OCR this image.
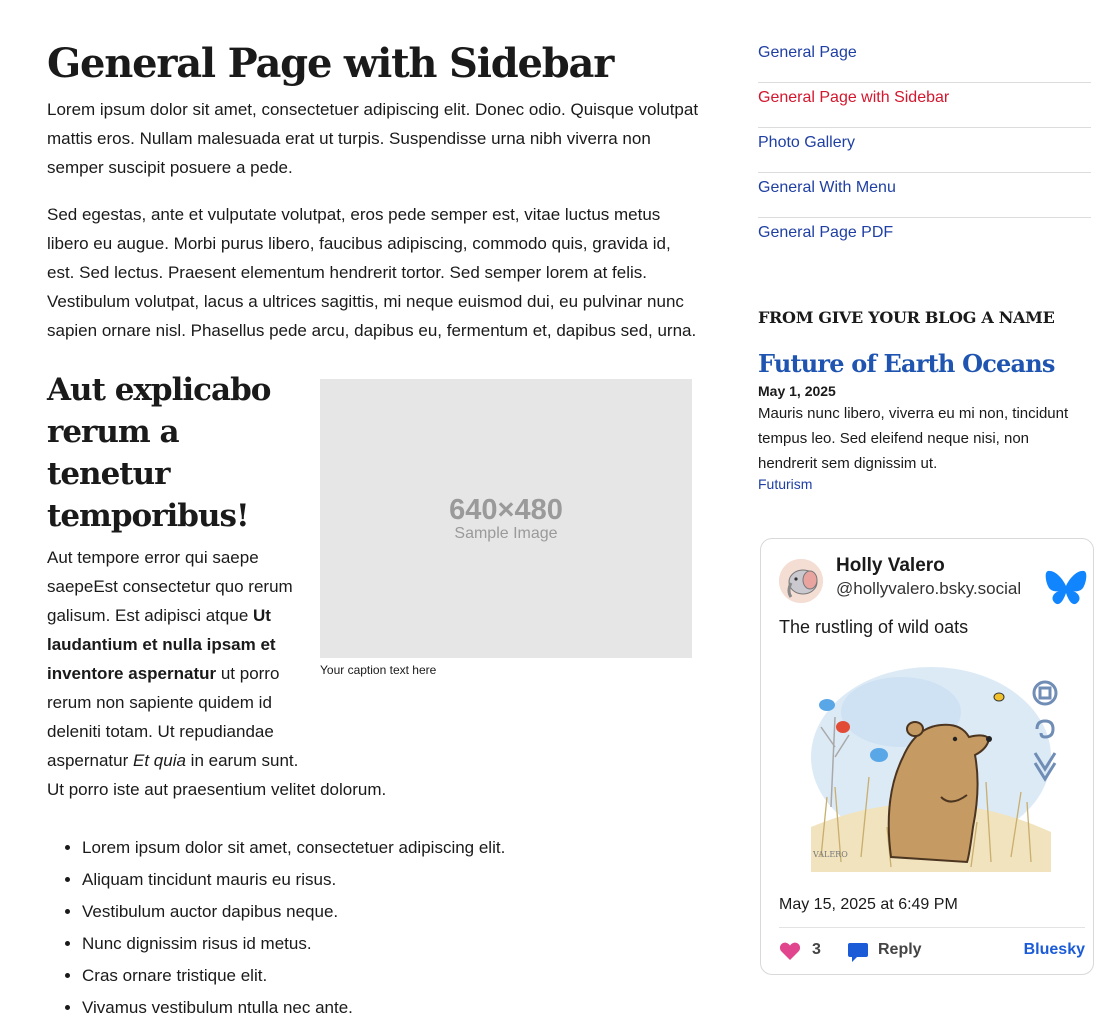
General Page with Sidebar

Lorem ipsum dolor sit amet, consectetuer adipiscing elit. Donec odio. Quisque volutpat mattis eros. Nullam malesuada erat ut turpis. Suspendisse urna nibh viverra non semper suscipit posuere a pede.

Sed egestas, ante et vulputate volutpat, eros pede semper est, vitae luctus metus libero eu augue. Morbi purus libero, faucibus adipiscing, commodo quis, gravida id, est. Sed lectus. Praesent elementum hendrerit tortor. Sed semper lorem at felis. Vestibulum volutpat, lacus a ultrices sagittis, mi neque euismod dui, eu pulvinar nunc sapien ornare nisl. Phasellus pede arcu, dapibus eu, fermentum et, dapibus sed, urna.

640×480
Sample Image
Your caption text here
Aut explicabo rerum a tenetur temporibus!

Aut tempore error qui saepe saepeEst consectetur quo rerum galisum. Est adipisci atque Ut laudantium et nulla ipsam et inventore aspernatur ut porro rerum non sapiente quidem id deleniti totam. Ut repudiandae aspernatur Et quia in earum sunt.

Ut porro iste aut praesentium velitet dolorum.

• Lorem ipsum dolor sit amet, consectetuer adipiscing elit.
• Aliquam tincidunt mauris eu risus.
• Vestibulum auctor dapibus neque.
• Nunc dignissim risus id metus.
• Cras ornare tristique elit.
• Vivamus vestibulum ntulla nec ante.
General Page
General Page with Sidebar
Photo Gallery
General With Menu
General Page PDF
FROM GIVE YOUR BLOG A NAME
Future of Earth Oceans
May 1, 2025

Mauris nunc libero, viverra eu mi non, tincidunt tempus leo. Sed eleifend neque nisi, non hendrerit sem dignissim ut.

Futurism
Holly Valero
@hollyvalero.bsky.social
The rustling of wild oats
VALERO
May 15, 2025 at 6:49 PM
3	Reply	Bluesky
